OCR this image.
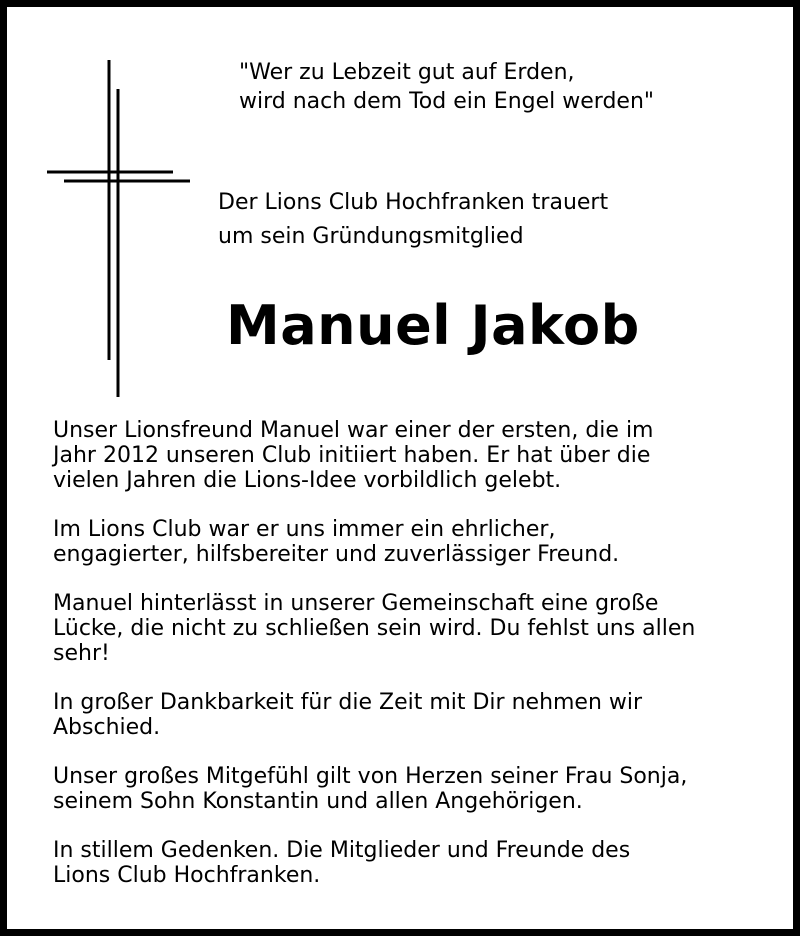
"Wer zu Lebzeit gut auf Erden,
wird nach dem Tod ein Engel werden"
Der Lions Club Hochfranken trauert
um sein Gründungsmitglied
Manuel Jakob

Unser Lionsfreund Manuel war einer der ersten, die im
Jahr 2012 unseren Club initiiert haben. Er hat über die
vielen Jahren die Lions-Idee vorbildlich gelebt.

Im Lions Club war er uns immer ein ehrlicher,
engagierter, hilfsbereiter und zuverlässiger Freund.

Manuel hinterlässt in unserer Gemeinschaft eine große
Lücke, die nicht zu schließen sein wird. Du fehlst uns allen
sehr!

In großer Dankbarkeit für die Zeit mit Dir nehmen wir
Abschied.

Unser großes Mitgefühl gilt von Herzen seiner Frau Sonja,
seinem Sohn Konstantin und allen Angehörigen.

In stillem Gedenken. Die Mitglieder und Freunde des
Lions Club Hochfranken.
